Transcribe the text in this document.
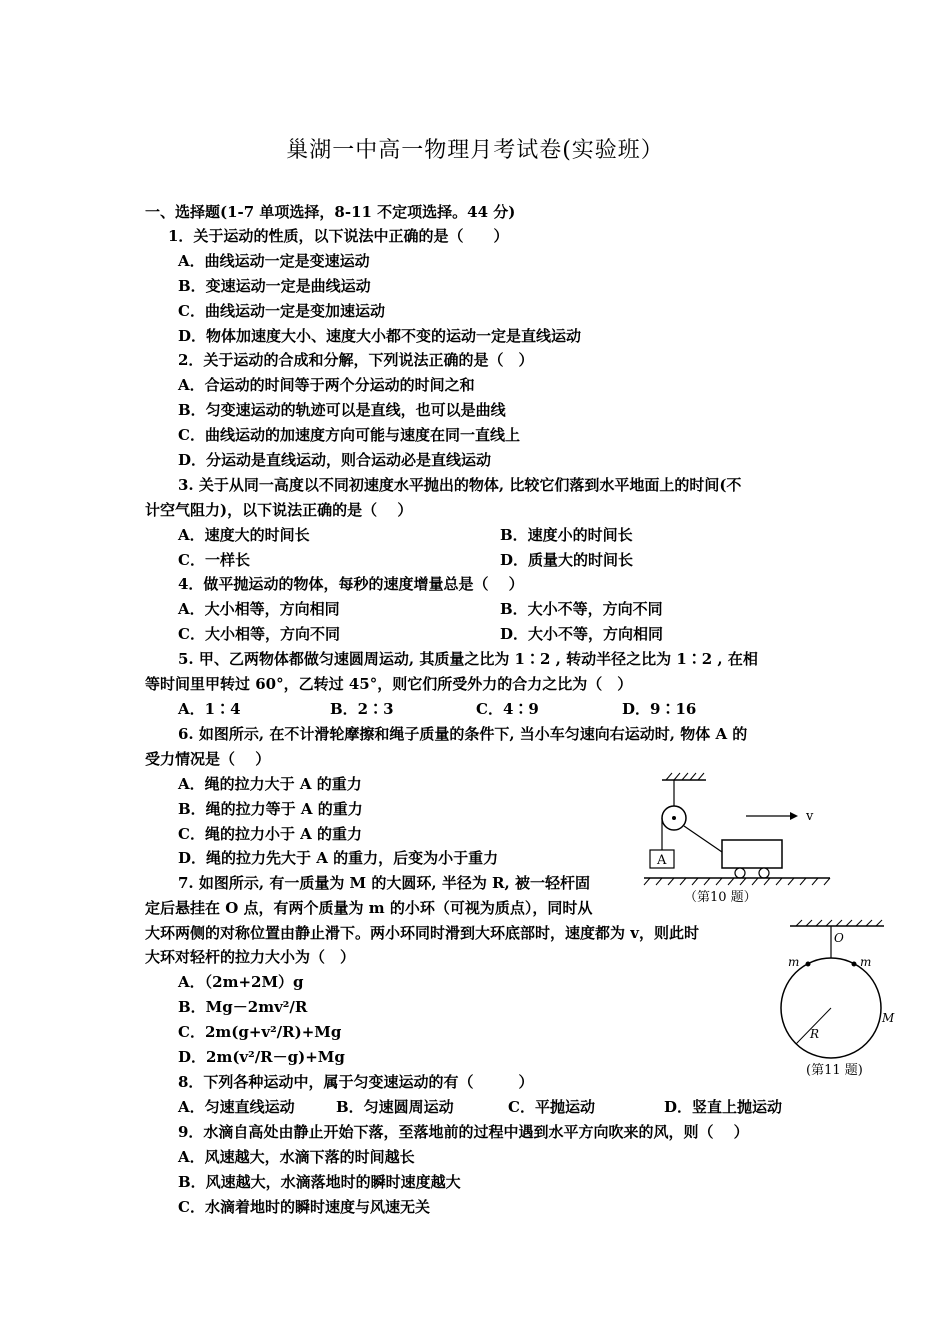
巢湖一中高一物理月考试卷(实验班）
一、选择题(1-7 单项选择，8-11 不定项选择。44 分)
1．关于运动的性质，以下说法中正确的是（　　）
A．曲线运动一定是变速运动
B．变速运动一定是曲线运动
C．曲线运动一定是变加速运动
D．物体加速度大小、速度大小都不变的运动一定是直线运动
2．关于运动的合成和分解，下列说法正确的是（　）
A．合运动的时间等于两个分运动的时间之和
B．匀变速运动的轨迹可以是直线，也可以是曲线
C．曲线运动的加速度方向可能与速度在同一直线上
D．分运动是直线运动，则合运动必是直线运动
3. 关于从同一高度以不同初速度水平抛出的物体, 比较它们落到水平地面上的时间(不
计空气阻力)，以下说法正确的是（　 ）
A．速度大的时间长	B．速度小的时间长
C．一样长	D．质量大的时间长
4．做平抛运动的物体，每秒的速度增量总是（　 ）
A．大小相等，方向相同	B．大小不等，方向不同
C．大小相等，方向不同	D．大小不等，方向相同
5. 甲、乙两物体都做匀速圆周运动, 其质量之比为 1∶2 , 转动半径之比为 1∶2 , 在相
等时间里甲转过 60°，乙转过 45°，则它们所受外力的合力之比为（　）
A．1∶4	B．2∶3	C．4∶9	D．9∶16
6. 如图所示, 在不计滑轮摩擦和绳子质量的条件下, 当小车匀速向右运动时, 物体 A 的
受力情况是（　 ）
A．绳的拉力大于 A 的重力
B．绳的拉力等于 A 的重力
C．绳的拉力小于 A 的重力
D．绳的拉力先大于 A 的重力，后变为小于重力
7. 如图所示, 有一质量为 M 的大圆环, 半径为 R, 被一轻杆固
定后悬挂在 O 点，有两个质量为 m 的小环（可视为质点），同时从
大环两侧的对称位置由静止滑下。两小环同时滑到大环底部时，速度都为 v，则此时
大环对轻杆的拉力大小为（　）
A．（2m+2M）g
B．Mg－2mv²/R
C．2m(g+v²/R)+Mg
D．2m(v²/R－g)+Mg
8．下列各种运动中，属于匀变速运动的有（　　　）
A．匀速直线运动	B．匀速圆周运动	C．平抛运动	D．竖直上抛运动
9．水滴自高处由静止开始下落，至落地前的过程中遇到水平方向吹来的风，则（　 ）
A．风速越大，水滴下落的时间越长
B．风速越大，水滴落地时的瞬时速度越大
C．水滴着地时的瞬时速度与风速无关
A
v
（第10 题）
O
m	m
R
M
(第11 题)
